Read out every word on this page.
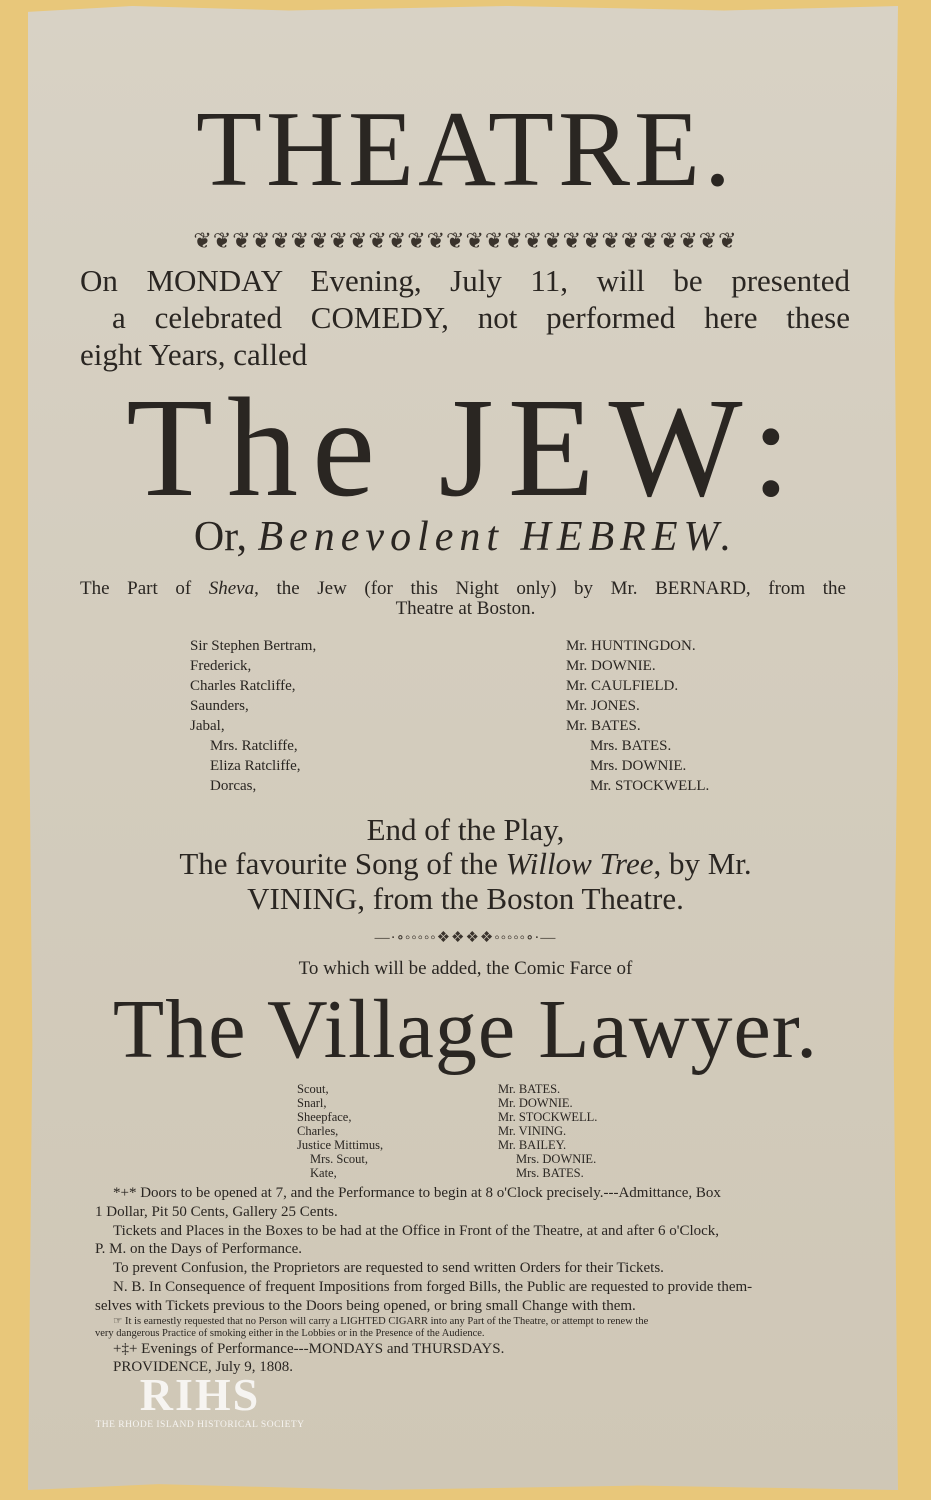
THEATRE.
❦❦❦❦❦❦❦❦❦❦❦❦❦❦❦❦❦❦❦❦❦❦❦❦❦❦❦❦
On MONDAY Evening, July 11, will be presented
a celebrated COMEDY, not performed here these
eight Years, called
The JEW:
Or, Benevolent HEBREW.
The Part of Sheva, the Jew (for this Night only) by Mr. BERNARD, from the
Theatre at Boston.
Sir Stephen Bertram,
Frederick,
Charles Ratcliffe,
Saunders,
Jabal,
Mrs. Ratcliffe,
Eliza Ratcliffe,
Dorcas,
Mr. HUNTINGDON.
Mr. DOWNIE.
Mr. CAULFIELD.
Mr. JONES.
Mr. BATES.
Mrs. BATES.
Mrs. DOWNIE.
Mr. STOCKWELL.
End of the Play,
The favourite Song of the Willow Tree, by Mr.
VINING, from the Boston Theatre.
—·∘◦◦◦◦◦❖❖❖❖◦◦◦◦◦∘·—
To which will be added, the Comic Farce of
The Village Lawyer.
Scout,
Snarl,
Sheepface,
Charles,
Justice Mittimus,
Mrs. Scout,
Kate,
Mr. BATES.
Mr. DOWNIE.
Mr. STOCKWELL.
Mr. VINING.
Mr. BAILEY.
Mrs. DOWNIE.
Mrs. BATES.

*+* Doors to be opened at 7, and the Performance to begin at 8 o'Clock precisely.---Admittance, Box

1 Dollar, Pit 50 Cents, Gallery 25 Cents.

Tickets and Places in the Boxes to be had at the Office in Front of the Theatre, at and after 6 o'Clock,

P. M. on the Days of Performance.

To prevent Confusion, the Proprietors are requested to send written Orders for their Tickets.

N. B. In Consequence of frequent Impositions from forged Bills, the Public are requested to provide them-

selves with Tickets previous to the Doors being opened, or bring small Change with them.

☞ It is earnestly requested that no Person will carry a LIGHTED CIGARR into any Part of the Theatre, or attempt to renew the

very dangerous Practice of smoking either in the Lobbies or in the Presence of the Audience.

+‡+ Evenings of Performance---MONDAYS and THURSDAYS.

PROVIDENCE, July 9, 1808.

RIHS
THE RHODE ISLAND HISTORICAL SOCIETY
